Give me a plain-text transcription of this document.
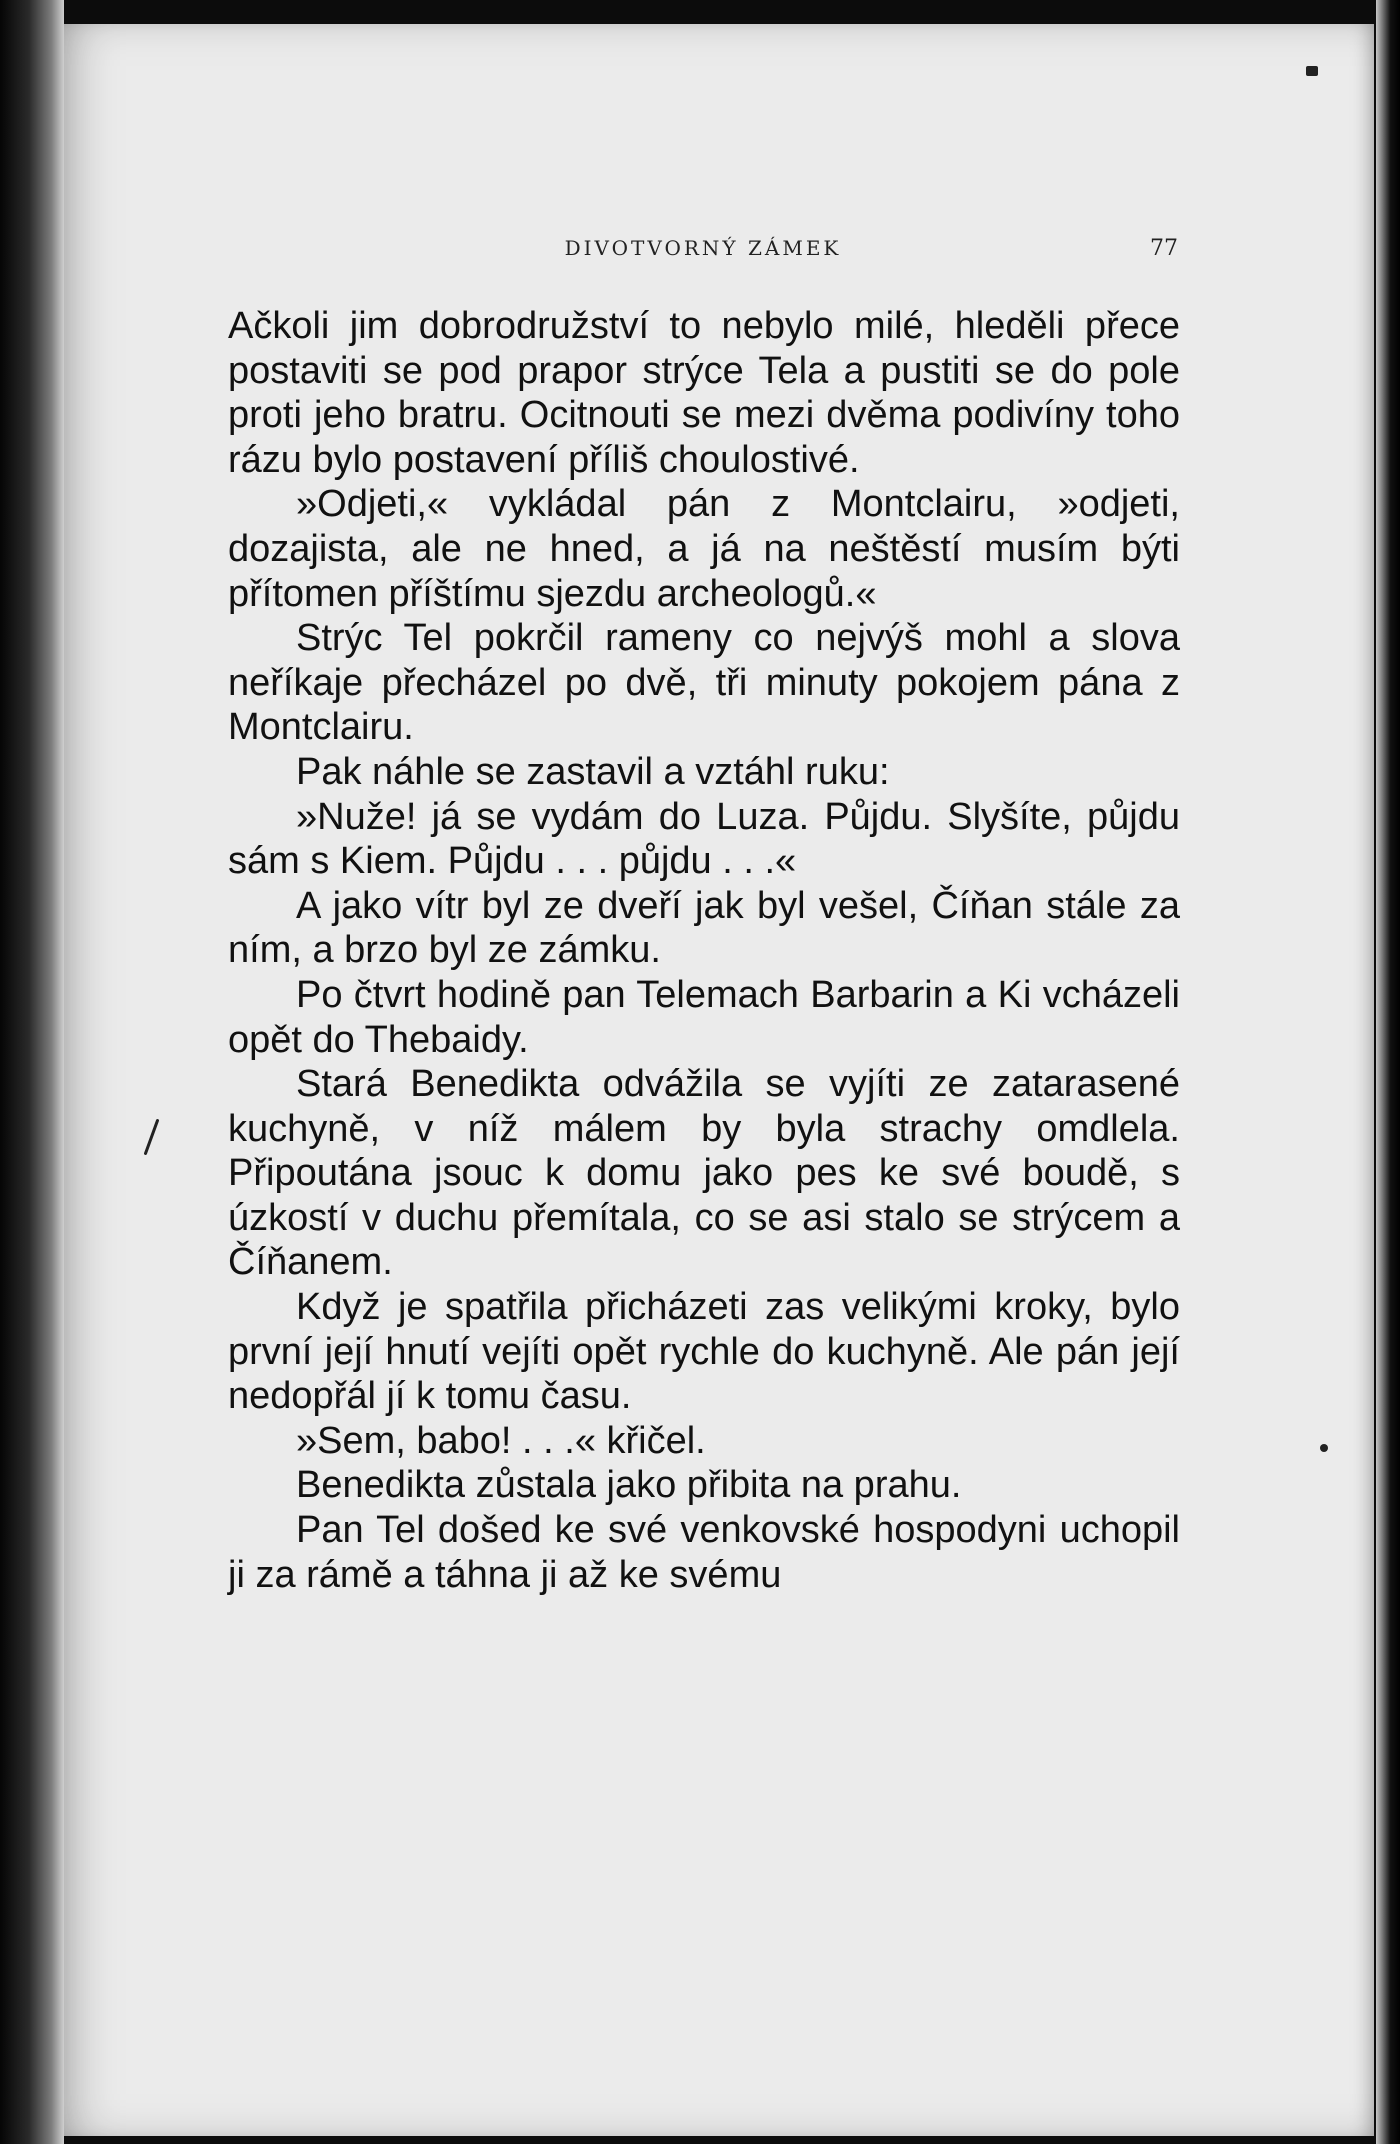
DIVOTVORNÝ ZÁMEK	77

Ačkoli jim dobrodružství to nebylo milé, hleděli přece postaviti se pod prapor strýce Tela a pustiti se do pole proti jeho bratru. Ocitnouti se mezi dvěma podivíny toho rázu bylo postavení příliš choulostivé.

»Odjeti,« vykládal pán z Montclairu, »odjeti, dozajista, ale ne hned, a já na neštěstí musím býti přítomen příštímu sjezdu archeologů.«

Strýc Tel pokrčil rameny co nejvýš mohl a slova neříkaje přecházel po dvě, tři minuty pokojem pána z Montclairu.

Pak náhle se zastavil a vztáhl ruku:

»Nuže! já se vydám do Luza. Půjdu. Slyšíte, půjdu sám s Kiem. Půjdu . . . půjdu . . .«

A jako vítr byl ze dveří jak byl vešel, Číňan stále za ním, a brzo byl ze zámku.

Po čtvrt hodině pan Telemach Barbarin a Ki vcházeli opět do Thebaidy.

Stará Benedikta odvážila se vyjíti ze zatarasené kuchyně, v níž málem by byla strachy omdlela. Připoutána jsouc k domu jako pes ke své boudě, s úzkostí v duchu přemítala, co se asi stalo se strýcem a Číňanem.

Když je spatřila přicházeti zas velikými kroky, bylo první její hnutí vejíti opět rychle do kuchyně. Ale pán její nedopřál jí k tomu času.

»Sem, babo! . . .« křičel.

Benedikta zůstala jako přibita na prahu.

Pan Tel došed ke své venkovské hospodyni uchopil ji za rámě a táhna ji až ke svému
